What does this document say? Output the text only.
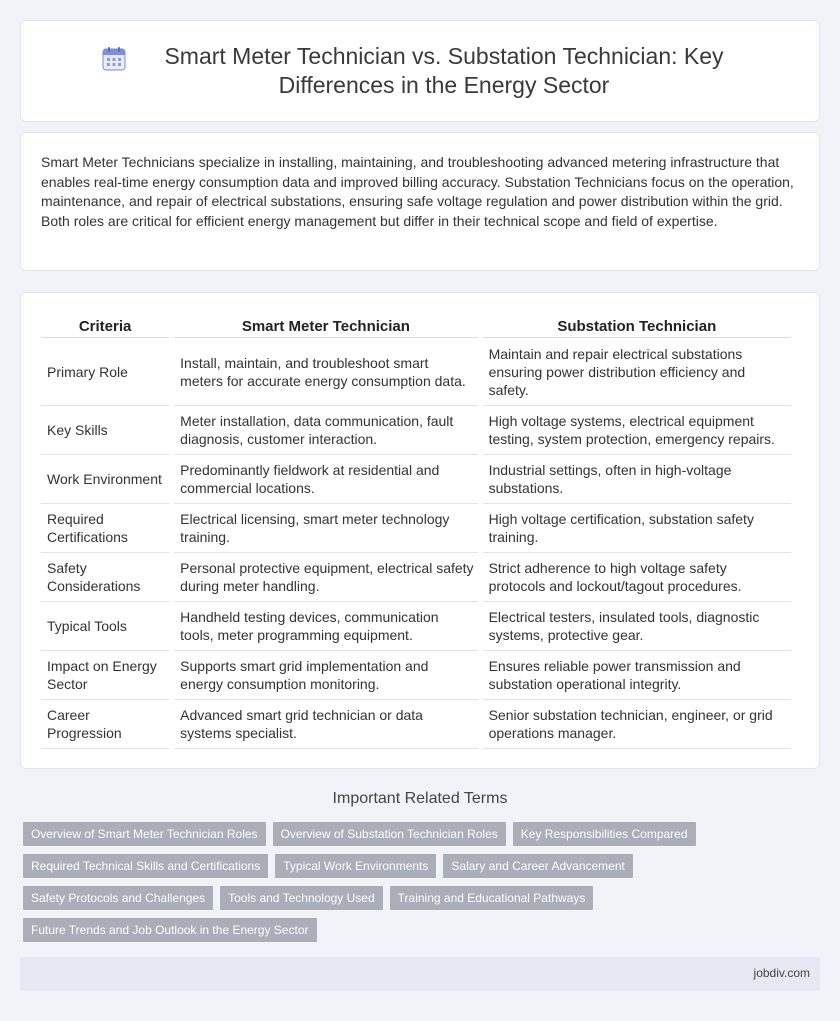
Smart Meter Technician vs. Substation Technician: Key Differences in the Energy Sector

Smart Meter Technicians specialize in installing, maintaining, and troubleshooting advanced metering infrastructure that enables real-time energy consumption data and improved billing accuracy. Substation Technicians focus on the operation, maintenance, and repair of electrical substations, ensuring safe voltage regulation and power distribution within the grid. Both roles are critical for efficient energy management but differ in their technical scope and field of expertise.

Criteria	Smart Meter Technician	Substation Technician
Primary Role	Install, maintain, and troubleshoot smart meters for accurate energy consumption data.	Maintain and repair electrical substations ensuring power distribution efficiency and safety.
Key Skills	Meter installation, data communication, fault diagnosis, customer interaction.	High voltage systems, electrical equipment testing, system protection, emergency repairs.
Work Environment	Predominantly fieldwork at residential and commercial locations.	Industrial settings, often in high-voltage substations.
Required Certifications	Electrical licensing, smart meter technology training.	High voltage certification, substation safety training.
Safety Considerations	Personal protective equipment, electrical safety during meter handling.	Strict adherence to high voltage safety protocols and lockout/tagout procedures.
Typical Tools	Handheld testing devices, communication tools, meter programming equipment.	Electrical testers, insulated tools, diagnostic systems, protective gear.
Impact on Energy Sector	Supports smart grid implementation and energy consumption monitoring.	Ensures reliable power transmission and substation operational integrity.
Career Progression	Advanced smart grid technician or data systems specialist.	Senior substation technician, engineer, or grid operations manager.
Important Related Terms
Overview of Smart Meter Technician Roles	Overview of Substation Technician Roles	Key Responsibilities Compared
Required Technical Skills and Certifications	Typical Work Environments	Salary and Career Advancement
Safety Protocols and Challenges	Tools and Technology Used	Training and Educational Pathways
Future Trends and Job Outlook in the Energy Sector
jobdiv.com
